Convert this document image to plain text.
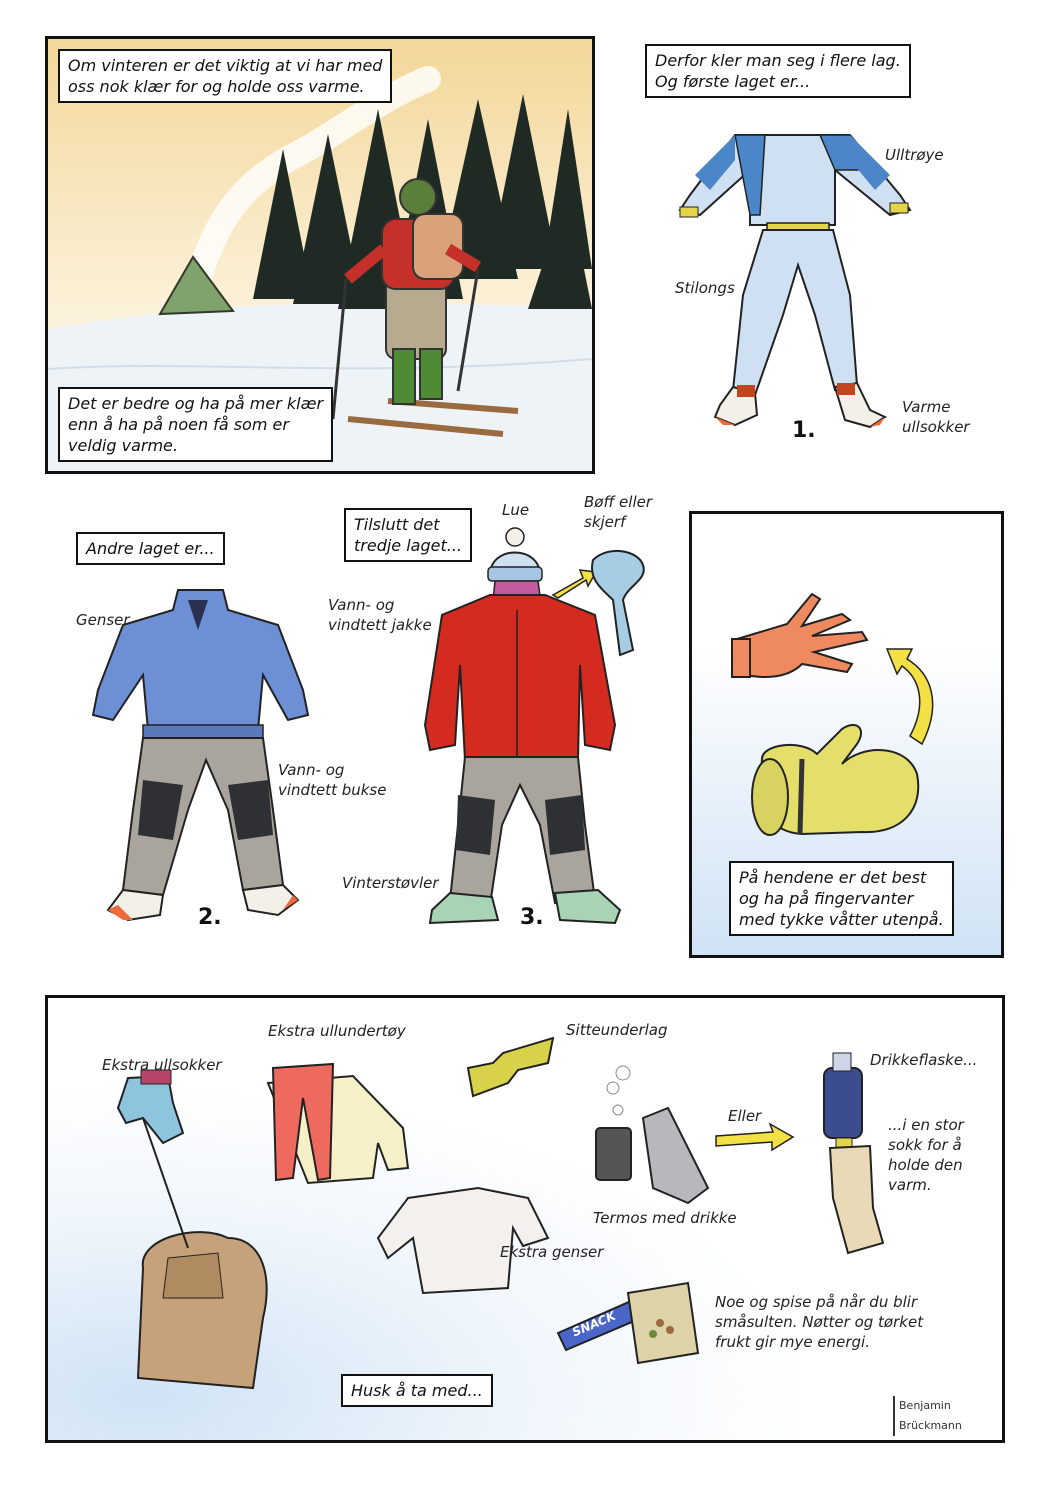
Om vinteren er det viktig at vi har med
oss nok klær for og holde oss varme.
Det er bedre og ha på mer klær
enn å ha på noen få som er
veldig varme.
Derfor kler man seg i flere lag.
Og første laget er...
Ulltrøye
Stilongs
Varme
ullsokker
1.
Andre laget er...
Genser
Vann- og
vindtett bukse
2.
Tilslutt det
tredje laget...
Lue	Bøff eller
skjerf
Vann- og
vindtett jakke
Vinterstøvler
3.
På hendene er det best
og ha på fingervanter
med tykke våtter utenpå.
SNACK
Ekstra ullsokker
Ekstra ullundertøy	Sitteunderlag
Drikkeflaske...
Eller	...i en stor
sokk for å
holde den
varm.
Termos med drikke
Ekstra genser
Noe og spise på når du blir
småsulten. Nøtter og tørket
frukt gir mye energi.
Husk å ta med...
Benjamin Brückmann
